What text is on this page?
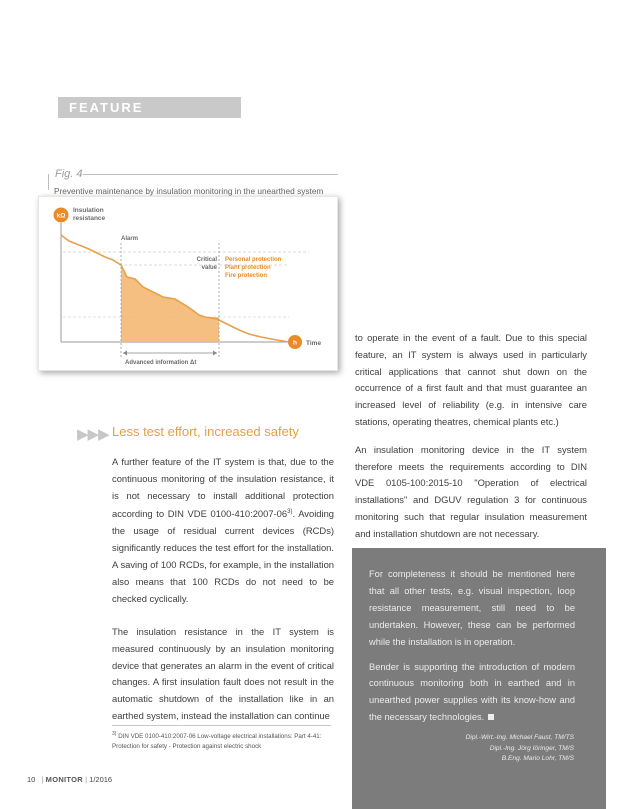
FEATURE
Fig. 4
Preventive maintenance by insulation monitoring in the unearthed system
kΩ
Insulation
resistance
h Time
Alarm
Critical
value
Personal protection
Plant protection
Fire protection
Advanced information Δt
▶▶▶ Less test effort, increased safety

A further feature of the IT system is that, due to the continuous monitoring of the insulation resistance, it is not necessary to install additional protection according to DIN VDE 0100-410:2007-06$^{3)}$. Avoiding the usage of residual current devices (RCDs) significantly reduces the test effort for the installation. A saving of 100 RCDs, for example, in the installation also means that 100 RCDs do not need to be checked cyclically.

The insulation resistance in the IT system is measured continuously by an insulation monitoring device that generates an alarm in the event of critical changes. A first insulation fault does not result in the automatic shutdown of the installation like in an earthed system, instead the installation can continue

to operate in the event of a fault. Due to this special feature, an IT system is always used in particularly critical applications that cannot shut down on the occurrence of a first fault and that must guarantee an increased level of reliability (e.g. in intensive care stations, operating theatres, chemical plants etc.)

An insulation monitoring device in the IT system therefore meets the requirements according to DIN VDE 0105-100:2015-10 "Operation of electrical installations" and DGUV regulation 3 for continuous monitoring such that regular insulation measurement and installation shutdown are not necessary.

$^{3)}$ DIN VDE 0100-410:2007-06 Low-voltage electrical installations: Part 4-41:
Protection for safety - Protection against electric shock

For completeness it should be mentioned here that all other tests, e.g. visual inspection, loop resistance measurement, still need to be undertaken. However, these can be performed while the installation is in operation.

Bender is supporting the introduction of modern continuous monitoring both in earthed and in unearthed power supplies with its know-how and the necessary technologies.

Dipl.-Wirt.-Ing. Michael Faust, TM/TS
Dipl.-Ing. Jörg Iöringer, TM/S
B.Eng. Mario Lohr, TM/S
10   | MONITOR | 1/2016
